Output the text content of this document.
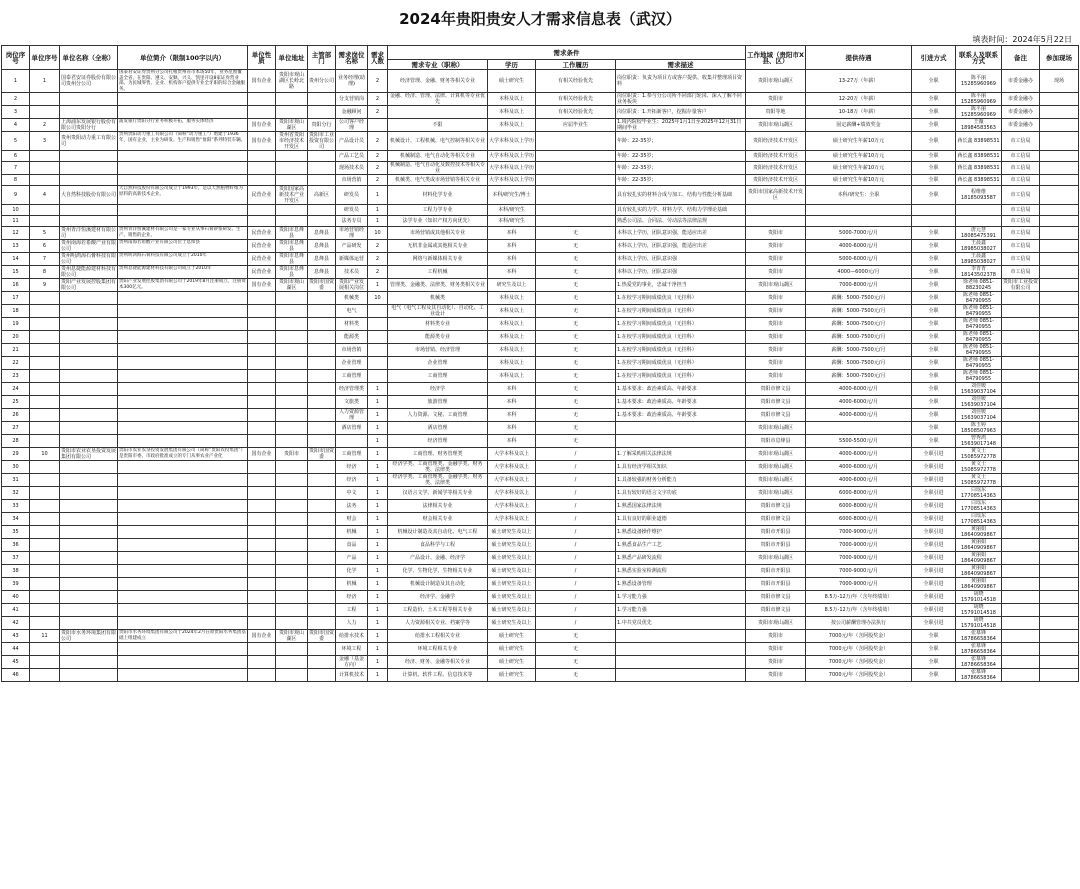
2024年贵阳贵安人才需求信息表（武汉）
填表时间：2024年5月22日
岗位序号	单位序号	单位名称（全称）	单位简介（限制100字以内）	单位性质	单位地址	主管部门	需求岗位名称	需求人数	需求条件				工作地域（贵阳市X县、区）	提供待遇	引进方式	联系人及联系方式	备注	参加现场
									需求专业（职称）	学历	工作履历	需求描述						
1	1	国泰君安证券股份有限公司贵州分公司	国泰君安证券贵州分公司扎根贵州省市本场50年，业务范围覆盖全省，在贵阳、遵义、安顺、兴义、凯里开设8家证券营业部。为民城零售、企业、机构客户提供专业全牙职的综合金融服务。	国有企业	贵阳市观山湖区长岭北路	贵州分公司	业务经理(助理)	2	经济管理、金融、财务等相关专业	硕士研究生	有相关经验优先	岗位职责：负责为项目方或客户提供、收集并整理项目资料	贵阳市观山湖区	13-27万（年薪）	全职	陈平丽 15285960969	市委金融办	现场
2							分支营销岗	2	金融、经济、管理、法律、计算机等专业优先	本科及以上	有相关经验优先	岗位职责：1.参与分公司所不同部门轮岗、深入了解不同业务板块	贵阳市	12-20万（年薪）	全职	陈平丽 15285960969	市委金融办	
3							金融顾问	2		本科及以上	有相关经验优先	岗位职责：1.开拓新客户，挖掘存量客户	贵阳等地	10-18万（年薪）	全职	陈平丽 15285960969	市委金融办	
4	2	上海浦东发展银行股份有限公司贵阳分行	浦发银行贵阳分行业务积极开拓，服务实体经济	国有企业	贵阳市观山湖区	贵阳分行	公司客户经理		不限	本科及以上	应届毕业生	1.境内院校毕业生：2025年1月1日至2025年12月31日期间毕业	贵阳市观山湖区	固定薪酬+绩效奖金	全职	王薇 18984583563	市委金融办	
5	3	贵州贵阳动力重工有限公司	贵州贵阳动力重工有限公司（简称“动力重工”）始建于1936年，国有企业，主业为研发、生产和销售“詹阳”系列特装车辆。	国有企业	贵州省贵阳市经济技术开发区	贵阳市工业投资有限公司	产品设计员	2	机械设计、工程机械、电气控制等相关专业	大学本科及以上学历		年龄：22-35岁；	贵阳经济技术开发区	硕士研究生年薪10万元	全职	蒋长鑫 83898531	市工信局	
6							产品工艺员	2	机械制造、电气自动化等相关专业	大学本科及以上学历		年龄：22-35岁；	贵阳经济技术开发区	硕士研究生年薪10万元	全职	蒋长鑫 83898531	市工信局	
7							现场技术员	2	机械制造、电气自动化及数控技术等相关专业	大学本科及以上学历		年龄：22-35岁；	贵阳经济技术开发区	硕士研究生年薪10万元	全职	蒋长鑫 83898531	市工信局	
8							市场营销	2	机械类、电气类或市场营销等相关专业	大学本科及以上学历		年龄：22-35岁；	贵阳经济技术开发区	硕士研究生年薪10万元	全职	蒋长鑫 83898531	市工信局	
9	4	大自然科技股份有限公司	大自然科技股份有限公司成立于1993年，是以天然植物纤维为原料的高新技术企业。	民营企业	贵阳国家高新技术产业开发区	高新区	研发员	1	材料化学专业	本科/研究生/博士		具有较扎实的材料合成与加工、结构与性能分析基础	贵阳市国家高新技术开发区	本科/研究生：全职	全职	程维维 18185093587	市工信局	
10							研发员	1	工程力学专业	本科/研究生		具有较扎实的力学、材料力学、结构力学理论基础					市工信局	
11							法务专员	1	法学专业（知识产权方向优先）	本科/研究生		熟悉公司法、合同法、劳动法等法律法规					市工信局	
12	5	贵州青洋恒溪建材有限公司	贵州青洋恒溪建材有限公司是一家专业从事石膏砂浆研发、生产、销售的企业。	民营企业	贵阳市息烽县	息烽县	市场营销经理	10	市场营销或其他相关专业	本科	无	本科以上学历，团队意识强，能适应出差	贵阳市	5000-7000元/月	全职	唐元慧 18085475391	市工信局	
13	6	贵州南海若希酸产业有限公司	贵州南海若希酸产业有限公司位于息烽县	民营企业	贵阳市息烽县	息烽县	产品研发	2	无机非金属或其他相关专业	本科	无	本科以上学历，团队意识强，能适应出差	贵阳市	4000-6000元/月	全职	王晨鑫 18985038027	市工信局	
14	7	贵州明鸿海石膏科技有限公司	贵州明鸿海石膏科技有限公司成立于2010年	民营企业	贵阳市息烽县	息烽县	新媒体运营	2	网络与新媒体相关专业	本科	无	本科以上学历，团队意识强	贵阳市	5000-6000元/月	全职	王晨鑫 18985038027	市工信局	
15	8	贵州息捷能源建材科技有限公司	贵州息捷能源建材科技有限公司成立于2010年	民营企业	贵阳市息烽县	息烽县	技术员	2	工程机械	本科	无	本科以上学历，团队意识强	贵阳市	4000—6000元/月	全职	李青青 18143502378	市工信局	
16	9	贵阳产业发展控股集团有限公司	贵阳产业发展控股集团有限公司于2019年8月注册成立，注册资本300亿元。	国有企业	贵阳市观山湖区	贵阳市国资委	贵阳产业发展相关岗位	1	管理类、金融类、法律类、财务类相关专业	研究生及以上	无	1.热爱党的事业，忠诚干净担当	贵阳市观山湖区	7000-8000元/月	全职	徐老师 0851-88230245	贵阳市工业投资有限公司	
17							机械类	10	机械类	本科及以上	无	1.在校学习期间成绩优良（无挂科）	贵阳市	薪酬：5000-7500元/月	全职	陈老师 0851-84790955		
18							电气		电气（电气工程及其自动化）、自动化、工业设计	本科及以上	无	1.在校学习期间成绩优良（无挂科）	贵阳市	薪酬：5000-7500元/月	全职	陈老师 0851-84790955		
19							材料类		材料类专业	本科及以上	无	1.在校学习期间成绩优良（无挂科）	贵阳市	薪酬：5000-7500元/月	全职	陈老师 0851-84790955		
20							能源类		能源类专业	本科及以上	无	1.在校学习期间成绩优良（无挂科）	贵阳市	薪酬：5000-7500元/月	全职	陈老师 0851-84790955		
21							市场营销		市场营销、经济管理	本科及以上	无	1.在校学习期间成绩优良（无挂科）	贵阳市	薪酬：5000-7500元/月	全职	陈老师 0851-84790955		
22							企业管理		企业管理	本科及以上	无	1.在校学习期间成绩优良（无挂科）	贵阳市	薪酬：5000-7500元/月	全职	陈老师 0851-84790955		
23							工商管理		工商管理	本科及以上	无	1.在校学习期间成绩优良（无挂科）	贵阳市	薪酬：5000-7500元/月	全职	陈老师 0851-84790955		
24							经济管理类	1	经济学	本科	无	1.基本要求：政治素质高、年龄要求	贵阳市修文县	4000-6000元/月	全职	刘佳媛 15639037104		
25							文旅类	1	旅游管理	本科	无	1.基本要求：政治素质高、年龄要求	贵阳市修文县	4000-6000元/月	全职	刘佳媛 15639037104		
26							人力资源管理	1	人力资源、文秘、工商管理	本科	无	1.基本要求：政治素质高、年龄要求	贵阳市修文县	4000-6000元/月	全职	刘佳媛 15639037104		
27							酒店管理	1	酒店管理	本科	无		贵阳市观山湖区		全职	陈玉婷 18508507963		
28								1	经济管理	本科	无		贵阳市息烽县	5500-5500元/月	全职	曾秀鸿 15639017148		
29	10	贵阳市农业农垦投资发展集团有限公司	贵阳市农业农垦投资发展集团有限公司（简称“贵阳农投集团”）是贵阳市委、市政府批准成立的专门从事农业产业化	国有企业	贵阳市	贵阳市国资委	工商管理	1	工商管理、财务管理类	大学本科及以上	/	1.了解采购相关法律法规	贵阳市观山湖区	4000-6000元/月	全职引进	黄文士 15085972778		
30							经济	1	经济学类、工商管理类、金融学类、财务类、法律类	大学本科及以上	/	1.具有经济学相关知识	贵阳市观山湖区	4000-6000元/月	全职引进	黄文士 15085972778		
31							经济	1	经济学类、工商管理类、金融学类、财务类、法律类	大学本科及以上	/	1.具备较强的财务分析能力	贵阳市观山湖区	4000-6000元/月	全职引进	黄文士 15085972778		
32							中文	1	汉语言文学、新闻学等相关专业	大学本科及以上	/	1.具有较好的语言文字功底	贵阳市观山湖区	6000-8000元/月	全职引进	白瑶东 17708514363		
33							法务	1	法律相关专业	大学本科及以上	/	1.熟悉国家法律法规	贵阳市修文县	6000-8000元/月	全职引进	白瑶东 17708514363		
34							财会	1	财会相关专业	大学本科及以上	/	1.具有良好的职业道德	贵阳市修文县	6000-8000元/月	全职引进	白瑶东 17708514363		
35							机械	1	机械设计制造及其自动化、电气工程	硕士研究生及以上	/	1.熟悉设备操作维护	贵阳市开阳县	7000-9000元/月	全职引进	黄丽娟 18640909867		
36							食品	1	食品科学与工程	硕士研究生及以上	/	1.熟悉食品生产工艺	贵阳市开阳县	7000-9000元/月	全职引进	黄丽娟 18640909867		
37							产品	1	产品设计、金融、经济学	硕士研究生及以上	/	1.熟悉产品研发流程	贵阳市观山湖区	7000-9000元/月	全职引进	黄丽娟 18640909867		
38							化学	1	化学、生物化学、生物相关专业	硕士研究生及以上	/	1.熟悉实验室检测流程	贵阳市开阳县	7000-9000元/月	全职引进	黄丽娟 18640909867		
39							机械	1	机械设计制造及其自动化	硕士研究生及以上	/	1.熟悉设备管理	贵阳市开阳县	7000-9000元/月	全职引进	黄丽娟 18640909867		
40							经济	1	经济学、金融学	硕士研究生及以上	/	1.学习能力强	贵阳市修文县	8.5万-12万/年（含年终绩效）	全职引进	胡晓 15791014518		
41							工程	1	工程造价、土木工程等相关专业	硕士研究生及以上	/	1.学习能力强	贵阳市修文县	8.5万-12万/年（含年终绩效）	全职引进	胡晓 15791014518		
42							人力	1	人力资源相关专业、档案学等	硕士研究生及以上	/	1.中共党员优先	贵阳市观山湖区	按公司薪酬管理办法执行	全职引进	胡晓 15791014518		
43	11	贵阳市水务环境集团有限公司	贵阳市水务环境集团有限公司于2024年2月在原贵阳水务集团基础上组建成立	国有企业	贵阳市观山湖区	贵阳市国资委	给排水技术	1	给排水工程相关专业	硕士研究生	无		贵阳市	7000元/年（含阿股奖金）	全职	张慕锋 18786658364		
44							环境工程	1	环境工程相关专业	硕士研究生	无		贵阳市	7000元/年（含阿股奖金）	全职	张慕锋 18786658364		
45							金融（基金方向）	1	经济、财务、金融等相关专业	硕士研究生	无		贵阳市	7000元/年（含阿股奖金）	全职	张慕锋 18786658364		
46							计算机技术	1	计算机、软件工程、信息技术等	硕士研究生	无		贵阳市	7000元/年（含阿股奖金）	全职	张慕锋 18786658364		
